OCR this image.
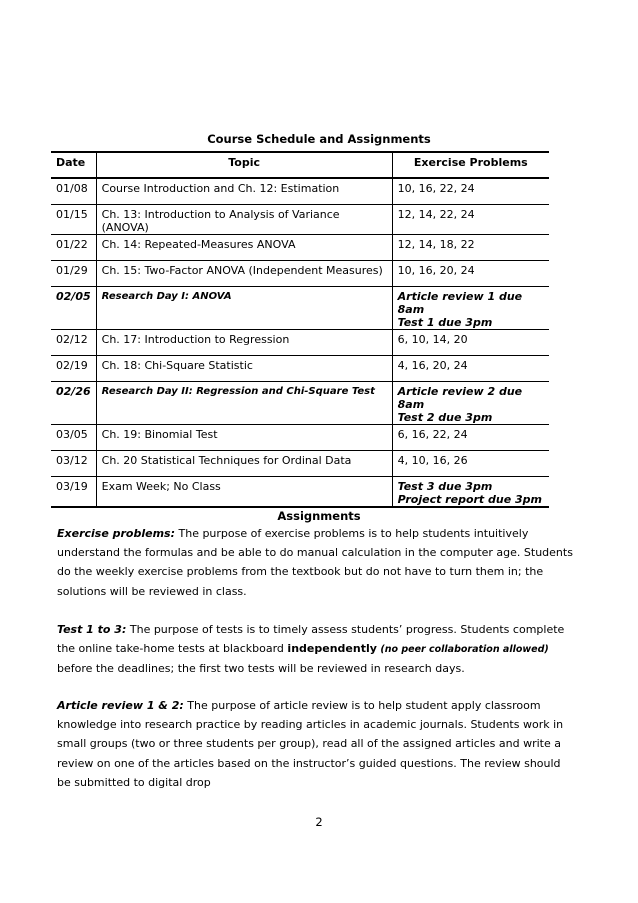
Course Schedule and Assignments
Date	Topic	Exercise Problems
01/08	Course Introduction and Ch. 12: Estimation	10, 16, 22, 24

01/15	Ch. 13: Introduction to Analysis of Variance (ANOVA)	12, 14, 22, 24

01/22	Ch. 14: Repeated-Measures ANOVA	12, 14, 18, 22

01/29	Ch. 15: Two-Factor ANOVA (Independent Measures)	10, 16, 20, 24

02/05	Research Day I: ANOVA	Article review 1 due 8am
Test 1 due 3pm

02/12	Ch. 17: Introduction to Regression	6, 10, 14, 20

02/19	Ch. 18: Chi-Square Statistic	4, 16, 20, 24

02/26	Research Day II: Regression and Chi-Square Test	Article review 2 due 8am
Test 2 due 3pm

03/05	Ch. 19: Binomial Test	6, 16, 22, 24

03/12	Ch. 20 Statistical Techniques for Ordinal Data	4, 10, 16, 26

03/19	Exam Week; No Class	Test 3 due 3pm
Project report due 3pm
Assignments
Exercise problems: The purpose of exercise problems is to help students intuitively understand the formulas and be able to do manual calculation in the computer age. Students do the weekly exercise problems from the textbook but do not have to turn them in; the solutions will be reviewed in class.
Test 1 to 3: The purpose of tests is to timely assess students’ progress. Students complete the online take-home tests at blackboard independently (no peer collaboration allowed) before the deadlines; the first two tests will be reviewed in research days.
Article review 1 & 2: The purpose of article review is to help student apply classroom knowledge into research practice by reading articles in academic journals. Students work in small groups (two or three students per group), read all of the assigned articles and write a review on one of the articles based on the instructor’s guided questions. The review should be submitted to digital drop
2
